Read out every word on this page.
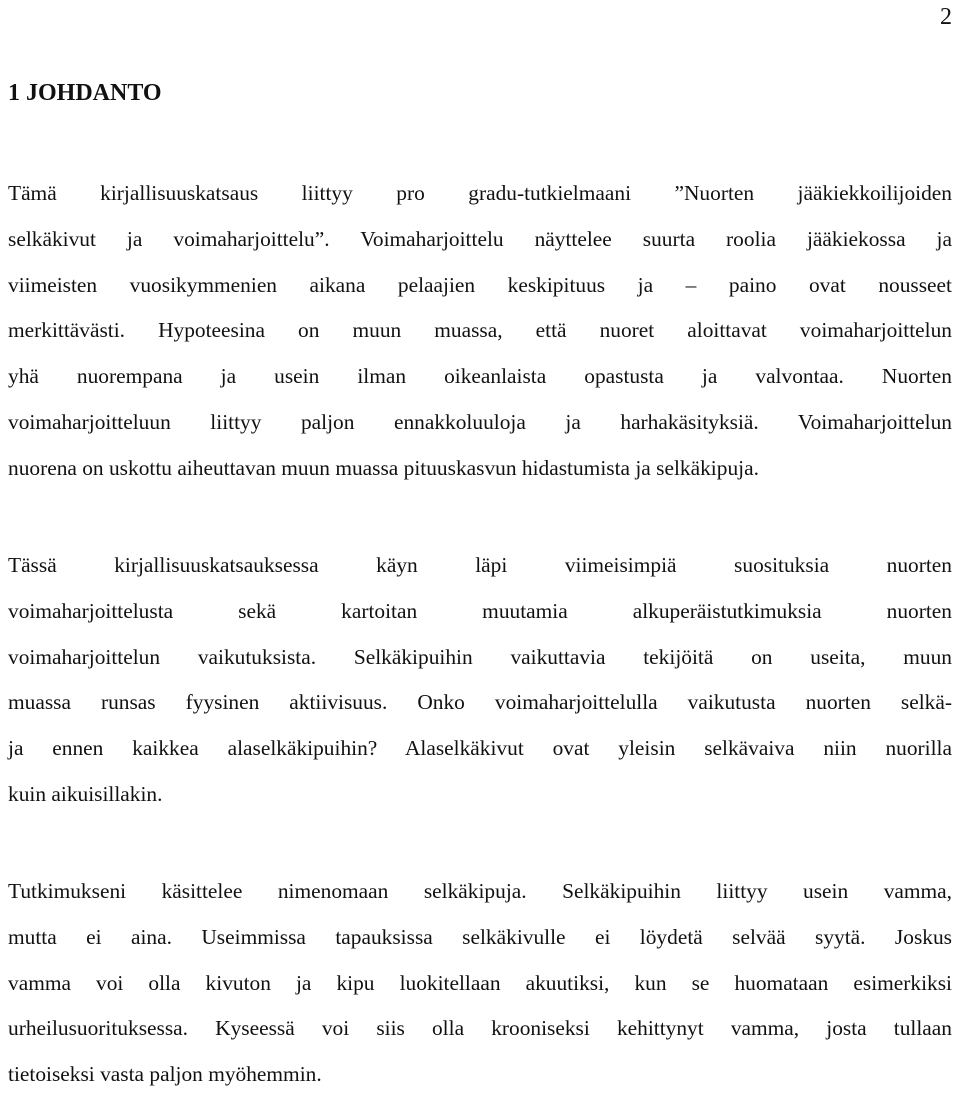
2
1 JOHDANTO
Tämä kirjallisuuskatsaus liittyy pro gradu-tutkielmaani ”Nuorten jääkiekkoilijoiden
selkäkivut ja voimaharjoittelu”. Voimaharjoittelu näyttelee suurta roolia jääkiekossa ja
viimeisten vuosikymmenien aikana pelaajien keskipituus ja – paino ovat nousseet
merkittävästi. Hypoteesina on muun muassa, että nuoret aloittavat voimaharjoittelun
yhä nuorempana ja usein ilman oikeanlaista opastusta ja valvontaa. Nuorten
voimaharjoitteluun liittyy paljon ennakkoluuloja ja harhakäsityksiä. Voimaharjoittelun
nuorena on uskottu aiheuttavan muun muassa pituuskasvun hidastumista ja selkäkipuja.
Tässä kirjallisuuskatsauksessa käyn läpi viimeisimpiä suosituksia nuorten
voimaharjoittelusta sekä kartoitan muutamia alkuperäistutkimuksia nuorten
voimaharjoittelun vaikutuksista. Selkäkipuihin vaikuttavia tekijöitä on useita, muun
muassa runsas fyysinen aktiivisuus. Onko voimaharjoittelulla vaikutusta nuorten selkä-
ja ennen kaikkea alaselkäkipuihin? Alaselkäkivut ovat yleisin selkävaiva niin nuorilla
kuin aikuisillakin.
Tutkimukseni käsittelee nimenomaan selkäkipuja. Selkäkipuihin liittyy usein vamma,
mutta ei aina. Useimmissa tapauksissa selkäkivulle ei löydetä selvää syytä. Joskus
vamma voi olla kivuton ja kipu luokitellaan akuutiksi, kun se huomataan esimerkiksi
urheilusuorituksessa. Kyseessä voi siis olla krooniseksi kehittynyt vamma, josta tullaan
tietoiseksi vasta paljon myöhemmin.
